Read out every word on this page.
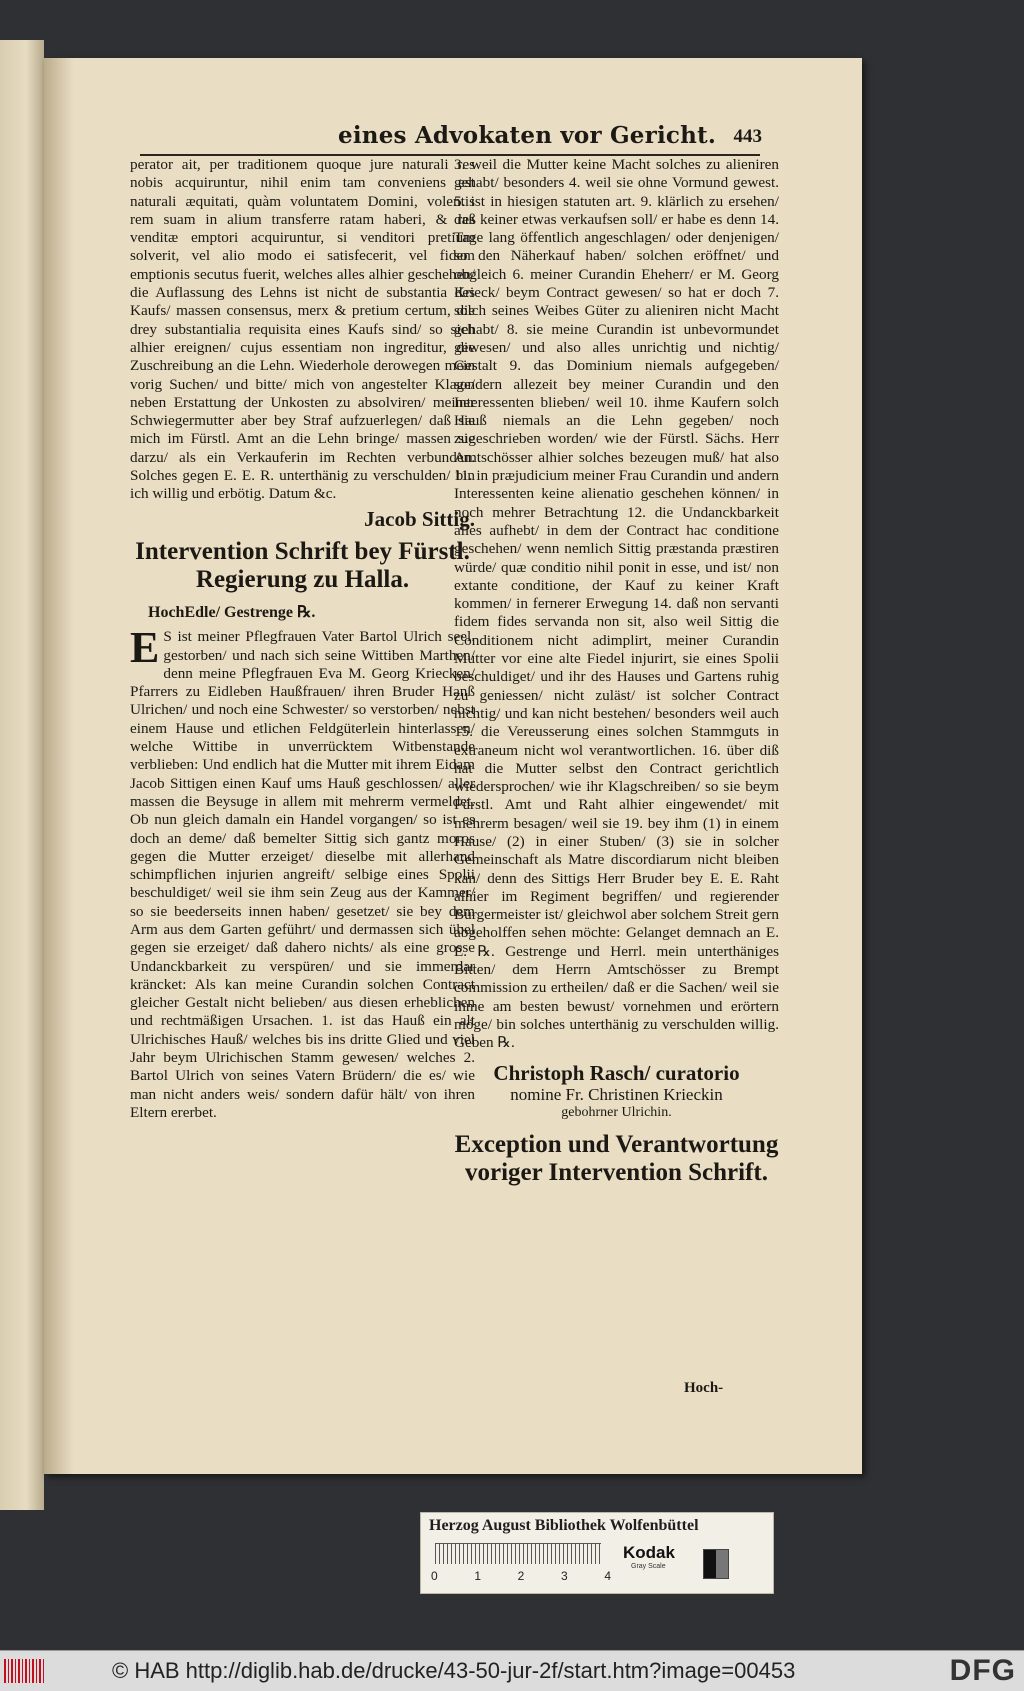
eines Advokaten vor Gericht. 443

perator ait, per traditionem quoque jure naturali res nobis acquiruntur, nihil enim tam conveniens est naturali æquitati, quàm voluntatem Domini, volentis rem suam in alium transferre ratam haberi, & res venditæ emptori acquiruntur, si venditori pretium solverit, vel alio modo ei satisfecerit, vel fidem emptionis secutus fuerit, welches alles alhier geschehen/ die Auflassung des Lehns ist nicht de substantia des Kaufs/ massen consensus, merx & pretium certum, die drey substantialia requisita eines Kaufs sind/ so sich alhier ereignen/ cujus essentiam non ingreditur, die Zuschreibung an die Lehn. Wiederhole derowegen mein vorig Suchen/ und bitte/ mich von angestelter Klage/ neben Erstattung der Unkosten zu absolviren/ meiner Schwiegermutter aber bey Straf aufzuerlegen/ daß sie mich im Fürstl. Amt an die Lehn bringe/ massen sie darzu/ als ein Verkauferin im Rechten verbunden. Solches gegen E. E. R. unterthänig zu verschulden/ bin ich willig und erbötig. Datum &c.

Jacob Sittig.
Intervention Schrift bey Fürstl. Regierung zu Halla.
HochEdle/ Gestrenge ℞.

E S ist meiner Pflegfrauen Vater Bartol Ulrich seel. gestorben/ und nach sich seine Wittiben Marthen/ denn meine Pflegfrauen Eva M. Georg Kriecken/ Pfarrers zu Eidleben Haußfrauen/ ihren Bruder Hanß Ulrichen/ und noch eine Schwester/ so verstorben/ nebst einem Hause und etlichen Feldgüterlein hinterlassen/ welche Wittibe in unverrücktem Witbenstande verblieben: Und endlich hat die Mutter mit ihrem Eidam Jacob Sittigen einen Kauf ums Hauß geschlossen/ aller massen die Beysuge in allem mit mehrerm vermeldet. Ob nun gleich damaln ein Handel vorgangen/ so ist es doch an deme/ daß bemelter Sittig sich gantz moros gegen die Mutter erzeiget/ dieselbe mit allerhand schimpflichen injurien angreift/ selbige eines Spolii beschuldiget/ weil sie ihm sein Zeug aus der Kammer/ so sie beederseits innen haben/ gesetzet/ sie bey dem Arm aus dem Garten geführt/ und dermassen sich übel gegen sie erzeiget/ daß dahero nichts/ als eine grosse Undanckbarkeit zu verspüren/ und sie immerdar kräncket: Als kan meine Curandin solchen Contract gleicher Gestalt nicht belieben/ aus diesen erheblichen und rechtmäßigen Ursachen. 1. ist das Hauß ein alt Ulrichisches Hauß/ welches bis ins dritte Glied und viel Jahr beym Ulrichischen Stamm gewesen/ welches 2. Bartol Ulrich von seines Vatern Brüdern/ die es/ wie man nicht anders weis/ sondern dafür hält/ von ihren Eltern ererbet.

3. weil die Mutter keine Macht solches zu alieniren gehabt/ besonders 4. weil sie ohne Vormund gewest. 5. ist in hiesigen statuten art. 9. klärlich zu ersehen/ daß keiner etwas verkaufsen soll/ er habe es denn 14. Tage lang öffentlich angeschlagen/ oder denjenigen/ so den Näherkauf haben/ solchen eröffnet/ und obgleich 6. meiner Curandin Eheherr/ er M. Georg Krieck/ beym Contract gewesen/ so hat er doch 7. solch seines Weibes Güter zu alieniren nicht Macht gehabt/ 8. sie meine Curandin ist unbevormundet gewesen/ und also alles unrichtig und nichtig/ Gestalt 9. das Dominium niemals aufgegeben/ sondern allezeit bey meiner Curandin und den Interessenten blieben/ weil 10. ihme Kaufern solch Hauß niemals an die Lehn gegeben/ noch zugeschrieben worden/ wie der Fürstl. Sächs. Herr Amtschösser alhier solches bezeugen muß/ hat also 11. in præjudicium meiner Frau Curandin und andern Interessenten keine alienatio geschehen können/ in noch mehrer Betrachtung 12. die Undanckbarkeit alles aufhebt/ in dem der Contract hac conditione geschehen/ wenn nemlich Sittig præstanda præstiren würde/ quæ conditio nihil ponit in esse, und ist/ non extante conditione, der Kauf zu keiner Kraft kommen/ in fernerer Erwegung 14. daß non servanti fidem fides servanda non sit, also weil Sittig die Conditionem nicht adimplirt, meiner Curandin Mutter vor eine alte Fiedel injurirt, sie eines Spolii beschuldiget/ und ihr des Hauses und Gartens ruhig zu geniessen/ nicht zuläst/ ist solcher Contract nichtig/ und kan nicht bestehen/ besonders weil auch 15. die Vereusserung eines solchen Stammguts in extraneum nicht wol verantwortlichen. 16. über diß hat die Mutter selbst den Contract gerichtlich wiedersprochen/ wie ihr Klagschreiben/ so sie beym Fürstl. Amt und Raht alhier eingewendet/ mit mehrerm besagen/ weil sie 19. bey ihm (1) in einem Hause/ (2) in einer Stuben/ (3) sie in solcher Gemeinschaft als Matre discordiarum nicht bleiben kan/ denn des Sittigs Herr Bruder bey E. E. Raht alhier im Regiment begriffen/ und regierender Bürgermeister ist/ gleichwol aber solchem Streit gern abgeholffen sehen möchte: Gelanget demnach an E. E. ℞. Gestrenge und Herrl. mein unterthäniges Bitten/ dem Herrn Amtschösser zu Brempt commission zu ertheilen/ daß er die Sachen/ weil sie ihme am besten bewust/ vornehmen und erörtern möge/ bin solches unterthänig zu verschulden willig. Geben ℞.

Christoph Rasch/ curatorio
nomine Fr. Christinen Krieckin
gebohrner Ulrichin.
Exception und Verantwortung voriger Intervention Schrift.
Hoch-
Herzog August Bibliothek Wolfenbüttel
0	1	2	3	4
Kodak
Gray Scale
© HAB http://diglib.hab.de/drucke/43-50-jur-2f/start.htm?image=00453	DFG
